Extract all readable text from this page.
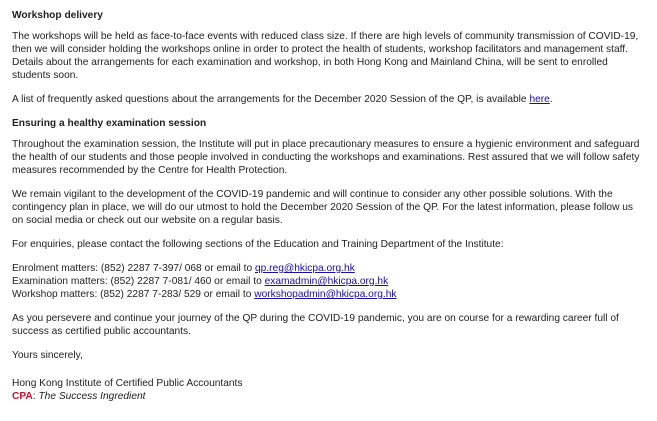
Workshop delivery
The workshops will be held as face-to-face events with reduced class size. If there are high levels of community transmission of COVID-19,
then we will consider holding the workshops online in order to protect the health of students, workshop facilitators and management staff.
Details about the arrangements for each examination and workshop, in both Hong Kong and Mainland China, will be sent to enrolled
students soon.
A list of frequently asked questions about the arrangements for the December 2020 Session of the QP, is available here.
Ensuring a healthy examination session
Throughout the examination session, the Institute will put in place precautionary measures to ensure a hygienic environment and safeguard
the health of our students and those people involved in conducting the workshops and examinations. Rest assured that we will follow safety
measures recommended by the Centre for Health Protection.
We remain vigilant to the development of the COVID-19 pandemic and will continue to consider any other possible solutions. With the
contingency plan in place, we will do our utmost to hold the December 2020 Session of the QP. For the latest information, please follow us
on social media or check out our website on a regular basis.
For enquiries, please contact the following sections of the Education and Training Department of the Institute:
Enrolment matters: (852) 2287 7-397/ 068 or email to qp.reg@hkicpa.org.hk
Examination matters: (852) 2287 7-081/ 460 or email to examadmin@hkicpa.org.hk
Workshop matters: (852) 2287 7-283/ 529 or email to workshopadmin@hkicpa.org.hk
As you persevere and continue your journey of the QP during the COVID-19 pandemic, you are on course for a rewarding career full of
success as certified public accountants.
Yours sincerely,
Hong Kong Institute of Certified Public Accountants
CPA: The Success Ingredient
